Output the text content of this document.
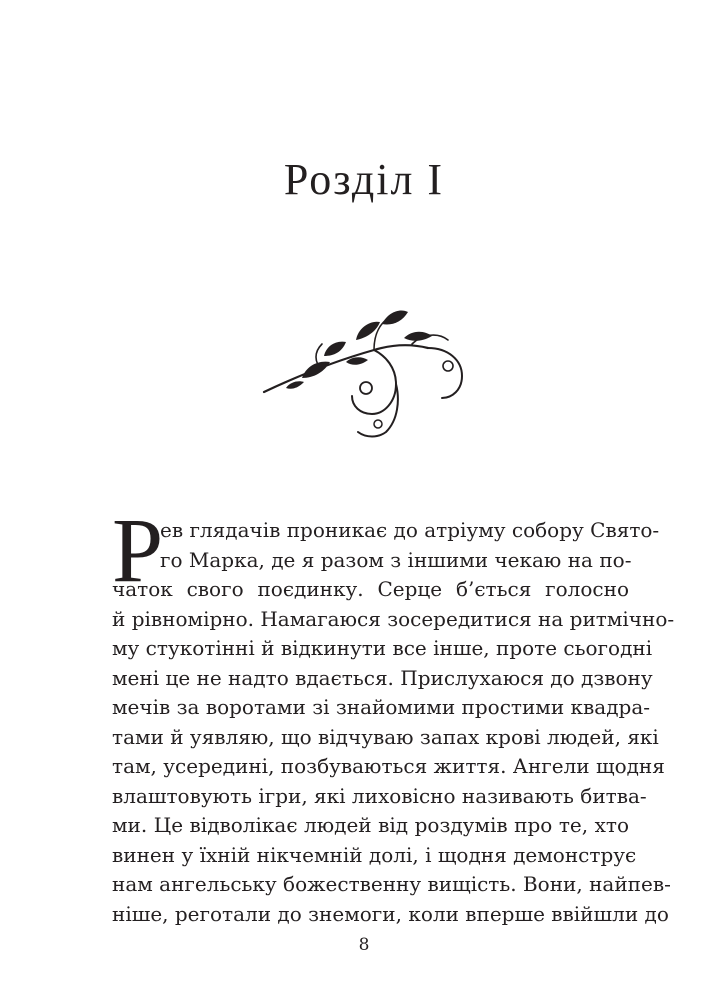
Розділ I
Р
ев глядачів проникає до атріуму собору Свято-
го Марка, де я разом з іншими чекаю на по-
чаток свого поєдинку. Серце б’ється голосно
й рівномірно. Намагаюся зосередитися на ритмічно-
му стукотінні й відкинути все інше, проте сьогодні
мені це не надто вдається. Прислухаюся до дзвону
мечів за воротами зі знайомими простими квадра-
тами й уявляю, що відчуваю запах крові людей, які
там, усередині, позбуваються життя. Ангели щодня
влаштовують ігри, які лиховісно називають битва-
ми. Це відволікає людей від роздумів про те, хто
винен у їхній нікчемній долі, і щодня демонструє
нам ангельську божественну вищість. Вони, найпев-
ніше, реготали до знемоги, коли вперше ввійшли до
8
